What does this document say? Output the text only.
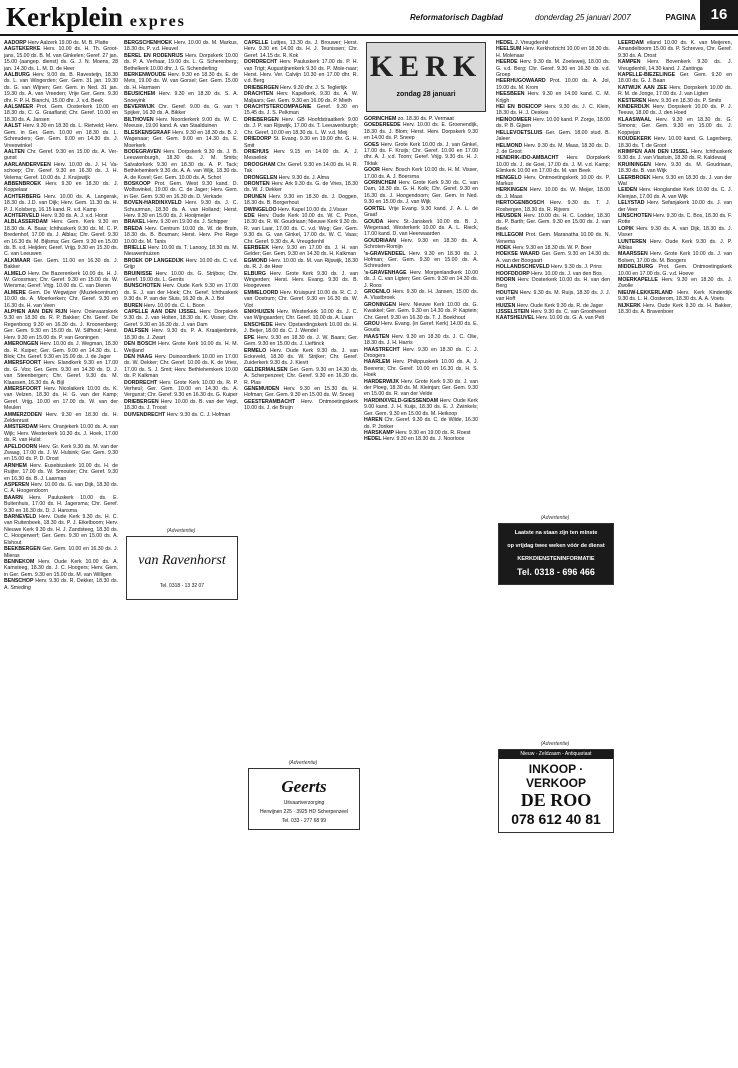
Kerkplein expres	Reformatorisch Dagblad	donderdag 25 januari 2007	PAGINA 16

AADORP Herv Aalzerk 19.00 ds. M. B. Platte

AAGTEKERKE Herv. 10.00 ds. H. Th. Groot-jans, 15.00 ds. B. M. van Ginkelen; Geref. 27 jan. 15.00 (aangep. dienst) ds. G. J. N. Moens, 28 jan. 14.30 ds. L. M. D. de Heer

AALBURG Herv. 9.00 ds. B. Ravesteijn, 18.30 ds. L. van Wingerden; Ger. Gem. 31 jan. 19.30 ds. G. van Wijnen; Ger. Gem. in Ned. 31 jan. 19.30 ds. A. van Vreeden; Vrije Ger. Gem. 9.30 dhr. F. P. H. Bianchi, 15.00 dhr. J. v.d. Beek

AALSMEER Prot. Gem. Oosterkerk 10.00 en 18.30 ds. C. G. Graafland; Chr. Geref. 10.00 en 18.30 ds. A. Jansen

AALST Herv. 9.30 en 18.30 ds. L. Rietveld; Herv. Gem. in Ger. Gem. 10.00 en 18.30 ds. L. Schreuders; Ger. Gem. 9.00 en 14.30 ds. J. Vreeswinkel

AALTEN Chr. Geref. 9.30 en 15.00 ds. A. Ver-gunst

AARLANDERVEEN Herv. 10.00 ds. J. H. Va-schoep; Chr. Geref. 9.30 en 16.30 ds. J. H. Velema; Geref. 10.00 ds. J. Kruijswijk

ABBENBROEK Herv. 9.30 en 18.30 ds. J. Koppelaar

ACHTERBERG Herv. 10.00 ds. A. Langerak, 18.30 ds. J.D. van Dijk; Herv. Gem. 11.30 ds. H. P. J. Kolsberg, 16.15 kand. R. v.d. Kamp

ACHTERVELD Herv. 9.30 ds. A. J. v.d. Horst

ALBLASSERDAM Herv. Gem. Kerk 9.30 en 18.30 ds. A. Baas; Ichthuskerk 9.30 ds. M. C. P. Bredenhof, 17.00 ds. J. Alblas; Chr. Geref. 9.30 en 16.30 ds. M. Bijlsma; Ger. Gem. 9.30 en 15.00 ds. B. v.d. Heijden; Geref. Vrijg. 9.30 en 15.30 ds. C. van Leeuwen

ALKMAAR Ger. Gem. 11.00 en 16.30 ds. J. Bakker

ALMELO Herv. De Bazerenkerk 10.00 ds. H. J. W. Grossman; Chr. Geref. 9.30 en 15.00 ds. W. Wiersma; Geref. Vrijg. 10.00 ds. C. van Dieren

ALMERE Gem. De Wegwijzer (Muziekcentrum) 10.00 ds. A. Moerkerken; Chr. Geref. 9.30 en 16.30 ds. H. van Veen

ALPHEN AAN DEN RIJN Herv. Ooievaarskerk 9.30 en 18.30 ds. R. P. Bakker; Chr. Geref. De Regenboog 9.30 en 16.30 ds. J. Kroonenberg; Ger. Gem. 9.30 en 15.00 ds. W. Silfhout; Herst. Herv. 9.30 en 15.00 ds. P. van Groningen

AMERONGEN Herv. 10.00 ds. J. Wegman, 18.30 ds. R. Kuiper; Ger. Gem. 9.00 en 14.30 ds. L. Blok; Chr. Geref. 9.30 en 15.00 ds. J. de Jager

AMERSFOORT Herv. Elandkerk 9.30 en 17.00 ds. G. Vos; Ger. Gem. 9.30 en 14.30 ds. D. J. van Steenbergen; Chr. Geref. 9.30 ds. M. Klaassen, 16.30 ds. A. Bijl

AMERSFOORT Herv. Nicolaikerk 10.00 ds. K. van Velzen, 18.30 ds. H. G. van der Kamp; Geref. Vrijg. 10.00 en 17.00 ds. W. van der Meulen

AMMERZODEN Herv. 9.30 en 18.30 ds. H. Zeldenrust

AMSTERDAM Herv. Oranjekerk 10.00 ds. A. van Wijk; Herv. Westerkerk 10.30 ds. J. Hoek, 17.00 ds. R. van Hulst

APELDOORN Herv. Gr. Kerk 9.30 ds. M. van der Zwaag, 17.00 ds. J. W. Hulsink; Ger. Gem. 9.30 en 15.00 ds. P. D. Drost

ARNHEM Herv. Eusebiuskerk 10.00 ds. H. de Ruijter, 17.00 ds. W. Smouter; Chr. Geref. 9.30 en 16.30 ds. B. J. Laarman

ASPEREN Herv. 10.00 ds. G. van Dijk, 18.30 ds. C. A. Hoogendoorn

BAARN Herv. Pauluskerk 10.00 ds. E. Buitenhuis, 17.00 ds. H. Jagersma; Chr. Geref. 9.30 en 16.30 ds. D. J. Hansma

BARNEVELD Herv. Oude Kerk 9.30 ds. H. C. van Ruitenbeek, 18.30 ds. P. J. Eikelboom; Herv. Nieuwe Kerk 9.30 ds. H. J. Zandsteeg, 18.30 ds. C. Hoogerwerf; Ger. Gem. 9.30 en 15.00 ds. A. Elshout

BEEKBERGEN Ger. Gem. 10.00 en 16.30 ds. J. Mieras

BENNEKOM Herv. Oude Kerk 10.00 ds. A. Kamsteeg, 18.30 ds. J. C. Hoogers; Herv. Gem. in Ger. Gem. 9.30 en 15.00 ds. M. van Willigen

BENSCHOP Herv. 9.30 ds. R. Dekker, 18.30 ds. A. Smeding

BERGSCHENHOEK Herv. 10.00 ds. M. Markus, 18.30 ds. P. v.d. Heuvel

BEREL EN RODENRIJS Herv. Dorpskerk 10.00 ds. P. A. Verhaar, 19.00 ds. L. G. Scherenberg; Bethelkerk 10.00 dhr. J. G. Schenderling

BERKENWOUDE Herv. 9.30 en 18.30 ds. E. de Mets, 19.00 ds. W. van Gorsel; Ger. Gem. 15.00 ds. H. Harmsen

BEUSICHEM Herv. 9.30 en 18.30 ds. S. A. Snoeyink

BEVERWIJK Chr. Geref. 9.00 ds. G. van 't Spijker, 16.30 ds. A. Bikker

BILTHOVEN Herv. Noorderkerk 9.00 ds. W. C. Meeuse, 19.00 kand. A. van Staalduinen

BLESKENSGRAAF Herv. 9.30 en 18.30 ds. B. J. Wagenaar; Ger. Gem. 9.00 en 14.30 ds. E. Moerkerk

BODEGRAVEN Herv. Dorpskerk 9.30 ds. J. B. Leeuwenburgh, 18.30 ds. J. M. Smits; Salvatorkerk 9.30 en 18.30 ds. A. P. Tack; Bethlehemkerk 9.30 ds. A. A. van Wijk, 18.30 ds. A. de Kovel; Ger. Gem. 10.00 ds. A. Schot

BOSKOOP Prot. Gem. West 9.30 kand. D. Wolfswinkel, 19.00 ds. C. de Jager; Herv. Gem. in Ger. Gem. 9.30 en 16.30 ds. D. Verkade

BOVEN-HARDINXVELD Herv. 9.30 ds. J. C. Schuurman, 18.30 ds. A. van Holland; Herst. Herv. 9.30 en 15.00 ds. J. Hooijmeijer

BRAKEL Herv. 9.30 en 19.00 ds. J. Schipper

BREDA Herv. Centrum 10.00 ds. W. de Bruin, 18.30 ds. B. Bouman; Herst. Herv. Pro Rege 10.00 ds. M. Tanis

BRIELLE Herv. 10.00 ds. T. Lanooy, 18.30 ds. M. Nieuwenhuizen

BROEK OP LANGEDIJK Herv. 10.00 ds. C. v.d. Grijp

BRUINISSE Herv. 10.00 ds. G. Strijbos; Chr. Geref. 19.00 ds. L. Gerrits

BUNSCHOTEN Herv. Oude Kerk 9.30 en 17.00 ds. E. J. van der Hoek; Chr. Geref. Ichthuskerk 9.30 ds. P. van der Sluis, 16.30 ds. A. J. Bol

BUREN Herv. 10.00 ds. C. L. Boon

CAPELLE AAN DEN IJSSEL Herv. Dorpskerk 9.30 ds. J. van Holten, 18.30 ds. K. Visser; Chr. Geref. 9.30 en 16.30 ds. J. van Dam

DALFSEN Herv. 9.30 ds. P. A. Kraaijenbrink, 18.30 ds. J. Zwart

DEN BOSCH Herv. Grote Kerk 10.00 ds. H. M. Weijland

DEN HAAG Herv. Duinoordkerk 10.00 en 17.00 ds. W. Dekker; Chr. Geref. 10.00 ds. K. de Vries, 17.00 ds. S. J. Smit; Herv. Bethlehemkerk 10.00 ds. P. Kalkman

DORDRECHT Herv. Grote Kerk 10.00 ds. R. P. Verheul; Ger. Gem. 10.00 en 14.30 ds. A. Vergunst; Chr. Geref. 9.30 en 16.30 ds. G. Kuiper

DRIEBERGEN Herv. 10.00 ds. B. van der Vegt, 18.30 ds. J. Troost

DUIVENDRECHT Herv. 9.30 ds. C. J. Hofman

CAPELLE Luttjes, 13.30 ds. J. Brouwer; Herst. Herv. 9.30 en 14.00 ds. H. J. Teunissen; Chr. Geref. 14.15 ds. R. Kok

DORDRECHT Herv. Pauluskerk 17.00 ds. P. H. van Trigt; Augustijnenkerk 9.30 ds. P. Mole-naar; Herst. Herv. Ver. Calvijn 10.30 en 17.00 dhr. R. v.d. Berg

DRIEBERGEN Herv. 9.30 dhr. J. S. Teglerlijk

DRACHTEN Herv. Kapelkerk, 9.30 ds. A. W. Maljaars; Ger. Gem. 9.30 en 16.00 ds. P. Mieth

DRACHTSTERCOMPAGNIE Geref. 9.30 en 15.45 ds. J. S. Pelkman

DRIEBERGEN Herv. GB Hoofdstraatkerk 9.00 ds. J. P. van Rijswijk, 17.00 ds. T. Leeuwenburgh; Chr. Geref. 10.00 en 18.30 ds. L. W. v.d. Meij

DRIEDORP St. Evang. 9.30 en 19.00 dhr. G. H. Smit

DRIEHUIS Herv. 9.15 en 14.00 ds. A. J. Messelink

DROOGHAM Chr. Geref. 9.30 en 14.00 ds. H. R. Tak

DRONGELEN Herv. 9.30 ds. J. Alma

DRONTEN Herv. Ark 9.30 ds. G. de Vries, 18.30 ds. W. J. Dekker

DRUNEN Herv. 9.30 en 18.30 ds. J. Doggen, 18.30 ds. B. Borgerhout

DWINGELOO Herv. Kapel 10.00 ds. J.Visser

EDE Herv. Oude Kerk 10.00 ds. W. C. Poon, 18.30 ds. R. W. Goudriaan; Nieuwe Kerk 9.30 ds. R. van Laar, 17.00 ds. C. v.d. Weg; Ger. Gem. 9.30 ds. G. van Ginkel, 17.00 ds. W. C. Vaas; Chr. Geref. 9.30 ds. A. Vreugdenhil

EERBEEK Herv. 9.30 en 17.00 ds. J. H. van Gelder; Ger. Gem. 9.30 en 14.30 ds. H. Kalkman

EGMOND Herv. 10.00 ds. M. van Rijswijk, 18.30 ds. R. J. de Heer

ELBURG Herv. Grote Kerk 9.30 ds. J. van Wingerden; Herst. Herv. Evang. 9.30 ds. B. Hoogeveen

EMMELOORD Herv. Kruispunt 10.00 ds. R. C. J. van Oostrum; Chr. Geref. 9.30 en 16.30 ds. W. Vlot

ENKHUIZEN Herv. Westerkerk 10.00 ds. J. C. van Wijngaarden; Chr. Geref. 10.00 ds. A. Laan

ENSCHEDE Herv. Opstandingskerk 10.00 ds. H. J. Beijer, 18.00 ds. C. J. Wendel

EPE Herv. 9.30 en 18.30 ds. J. W. Baars; Ger. Gem. 9.30 en 15.00 ds. J. Lieftinck

ERMELO Herv. Oude Kerk 9.30 ds. J. van Eckeveld, 18.30 ds. W. Strijker; Chr. Geref. Zuiderkerk 9.30 ds. J. Kievit

GELDERMALSEN Ger. Gem. 9.30 en 14.30 ds. A. Scherpenzeel; Chr. Geref. 9.30 en 16.30 ds. R. Plas

GENEMUIDEN Herv. 9.30 en 15.30 ds. H. Hofman; Ger. Gem. 9.30 en 15.00 ds. W. Snoeij

GEESTERAMBACHT Herv. Ontmoetingskerk 10.00 ds. J. de Bruijn

GORINCHEM zo. 18.30 ds. P. Vermaat

GOEDEREEDE Herv. 10.00 ds. E. Groenendijk, 18.30 ds. J. Blom; Herst. Herv. Dorpskerk 9.30 en 14.00 ds. P. Sneep

GOES Herv. Grote Kerk 10.00 ds. J. van Ginkel, 17.00 ds. F. Kruijs; Chr. Geref. 10.00 en 17.00 dhr. A. J. v.d. Toorn; Geref. Vrijg. 9.30 ds. H. J. Tiktak

GOOR Herv. Bosch Kerk 10.00 ds. H. M. Visser, 17.00 ds. A. J. Boersma

GORINCHEM Herv. Grote Kerk 9.30 ds. C. van Dam, 18.30 ds. G. H. Kolk; Chr. Geref. 9.30 en 16.30 ds. J. Hoogendoorn; Ger. Gem. in Ned. 9.30 en 15.00 ds. J. van Wijk

GORTEL Vrije Evang. 9.30 kand. J. A. L. de Graaf

GOUDA Herv. St.-Janskerk 10.00 ds. B. J. Wiegeraad, Westerkerk 10.00 ds. A. L. Rieck, 17.00 kand. D. van Heerwaarden

GOUDRIAAN Herv. 9.30 en 18.30 ds. A. Schroten-Romijn

's-GRAVENDEEL Herv. 9.30 en 18.30 ds. J. Hofman; Ger. Gem. 9.30 en 15.00 ds. A. Schreuders

's-GRAVENHAGE Herv. Morgenlandkerk 10.00 ds. J. C. van Ligten; Ger. Gem. 9.30 en 14.30 ds. J. Roos

GROENLO Herv. 9.30 ds. H. Jansen, 15.00 ds. A. Vlastbroek

GRONINGEN Herv. Nieuwe Kerk 10.00 ds. G. Kwakkel; Ger. Gem. 9.30 en 14.30 ds. P. Kaptein; Chr. Geref. 9.30 en 16.30 ds. T. J. Boekhout

GROU Herv. Evang. (in Geref. Kerk) 14.00 ds. E. Gouda

HAASTEN Herv. 9.30 en 18.30 ds. J. C. Olie, 18.30 ds. J. H. Harris

HAASTRECHT Herv. 9.30 en 18.30 ds. C. J. Droogers

HAARLEM Herv. Philippuskerk 10.00 ds. A. J. Beerens; Chr. Geref. 10.00 en 16.30 ds. H. S. Hoek

HARDERWIJK Herv. Grote Kerk 9.30 ds. J. van der Ploeg, 18.30 ds. M. Kleinjan; Ger. Gem. 9.30 en 15.00 ds. R. van der Velde

HARDINXVELD-GIESSENDAM Herv. Oude Kerk 9.00 kand. J. H. Kuijs, 18.30 ds. E. J. Zwinkels; Ger. Gem. 9.30 en 15.00 ds. M. Heikoop

HAREN Chr. Geref. 9.30 ds. C. de Wilde, 16.30 ds. P. Jonker

HARSKAMP Herv. 9.30 en 19.00 ds. R. Roest

HEDEL Herv. 9.30 en 18.30 ds. J. Noorloos

HEDEL J. Vreugdenhil

HEELSUM Herv. Kerkhofzicht 10.00 en 18.30 ds. H. Molenaar

HEERDE Herv. 9.30 ds. M. Zoeteweij, 18.00 ds. G. v.d. Berg; Chr. Geref. 9.30 en 16.30 ds. v.d. Groep

HEERHUGOWAARD Prot. 10.00 ds. A. Jol, 19.00 ds. M. Krom

HEESBEEN Herv. 9.30 en 14.00 kand. C. M. Krijgh

HEI EN BOEICOP Herv. 9.30 ds. J. C. Klein, 18.30 ds. H. J. Oeskes

HEINOOMEER Herv. 10.00 kand. P. Zorge, 18.00 ds. P. B. Gijsen

HELLEVOETSLUIS Ger. Gem. 18.00 stud. B. Jaleer

HELMOND Herv. 9.30 ds. M. Maas, 18.30 ds. D. J. de Groot

HENDRIK-IDO-AMBACHT Herv. Dorpskerk 10.00 ds. J. de Goei, 17.00 ds. J. M. v.d. Kamp; Elimkerk 10.00 en 17.00 ds. M. van Beek

HENGELO Herv. Ontmoetingskerk 10.00 ds. P. Markus

HERKINGEN Herv. 10.00 ds. W. Meijer, 18.00 ds. J. Maas

HERTOGENBOSCH Herv. 9.30 ds. T. J. Rosbergen, 18.30 ds. R. Rijvers

HEUSDEN Herv. 10.00 ds. H. C. Lodder, 18.30 ds. P. Barth; Ger. Gem. 9.30 en 15.00 ds. J. van Beek

HILLEGOM Prot. Gem. Maranatha 10.00 ds. N. Venema

HOEK Herv. 9.30 en 18.30 ds. W. P. Boer

HOEKSE WAARD Ger. Gem. 9.30 en 14.30 ds. A. van der Boogaart

HOLLANDSCHEVELD Herv. 9.30 ds. J. Prins

HOOFDDORP Herv. 10.00 ds. J. van den Bos

HOORN Herv. Oosterkerk 10.00 ds. H. van den Berg

HOUTEN Herv. 9.30 ds. M. Ruijs, 18.30 ds. J. J. van Hoff

HUIZEN Herv. Oude Kerk 9.30 ds. R. de Jager

IJSSELSTEIN Herv. 9.30 ds. C. van Grootheest

KAATSHEUVEL Herv. 10.00 ds. G. A. van Pelt

LEERDAM eiland 10.00 ds. K. van Meijeren, Amandelboom 15.00 ds. P. Schreves, Chr. Geref. 9.30 ds. A. Drost

KAMPEN Herv. Bovenkerk 9.30 ds. J. Vreugdenhil, 14.30 kand. J. Zantinga

KAPELLE-BIEZELINGE Ger. Gem. 9.30 en 18.00 ds. G. J. Baan

KATWIJK AAN ZEE Herv. Dorpskerk 10.00 ds. R. M. de Jonge, 17.00 ds. J. van Ligten

KESTEREN Herv. 9.30 en 18.30 ds. P. Smits

KINDERDIJK Herv. Dorpskerk 10.00 ds. P. J. Teeuw, 18.00 ds. J. den Hoed

KLAASWAAL Herv. 9.30 en 18.30 ds. G. Simons; Ger. Gem. 9.30 en 15.00 ds. J. Koppejan

KOUDEKERK Herv. 10.00 kand. G. Lagerberg, 18.30 ds. T. de Groot

KRIMPEN AAN DEN IJSSEL Herv. Ichthuskerk 9.30 ds. J. van Vlastuin, 18.30 ds. R. Kaldewaij

KRUININGEN Herv. 9.30 ds. M. Goudriaan, 18.30 ds. B. van Wijk

LEERBROEK Herv. 9.30 en 18.30 ds. J. van der Wal

LEIDEN Herv. Hooglandse Kerk 10.00 ds. C. J. Kleinjan, 17.00 ds. A. van Wijk

LELYSTAD Herv. Sefanjakerk 10.00 ds. J. van der Veer

LINSCHOTEN Herv. 9.30 ds. C. Bos, 18.30 ds. F. Rotte

LOPIK Herv. 9.30 ds. A. van Dijk, 18.30 ds. J. Visser

LUNTEREN Herv. Oude Kerk 9.30 ds. J. P. Alblas

MAARSSEN Herv. Grote Kerk 10.00 ds. J. van Bolsen, 17.00 ds. M. Boogers

MIDDELBURG Prot. Gem. Ontmoetingskerk 10.00 en 17.00 ds. G. v.d. Hoeve

MOERKAPELLE Herv. 9.30 en 18.30 ds. J. Zwolle

NIEUW-LEKKERLAND Herv. Kerk Kinderdijk 9.30 ds. L. H. Oosterom, 18.30 ds. A. A. Voets

NIJKERK Herv. Oude Kerk 9.30 ds. H. Bakker, 18.30 ds. A. Bravenboer

KERK
zondag 28 januari
van Ravenhorst
Tel. 0318 - 13 32 07
(Advertentie)
Geerts
Uitvaartverzorging
Herwijnen 225 · 3925 HD Scherpenzeel
Tel. 033 - 277 68 99
(Advertentie)
Laatste na staan zijn ten minste
op vrijdag twee weken vóór de dienst
KERKDIENSTENINFORMATIE
Tel. 0318 - 696 466
(Advertentie)
Nieuw - Zeldzaam - Antiquariaat
INKOOP · VERKOOP
DE ROO
078 612 40 81
(Advertentie)
